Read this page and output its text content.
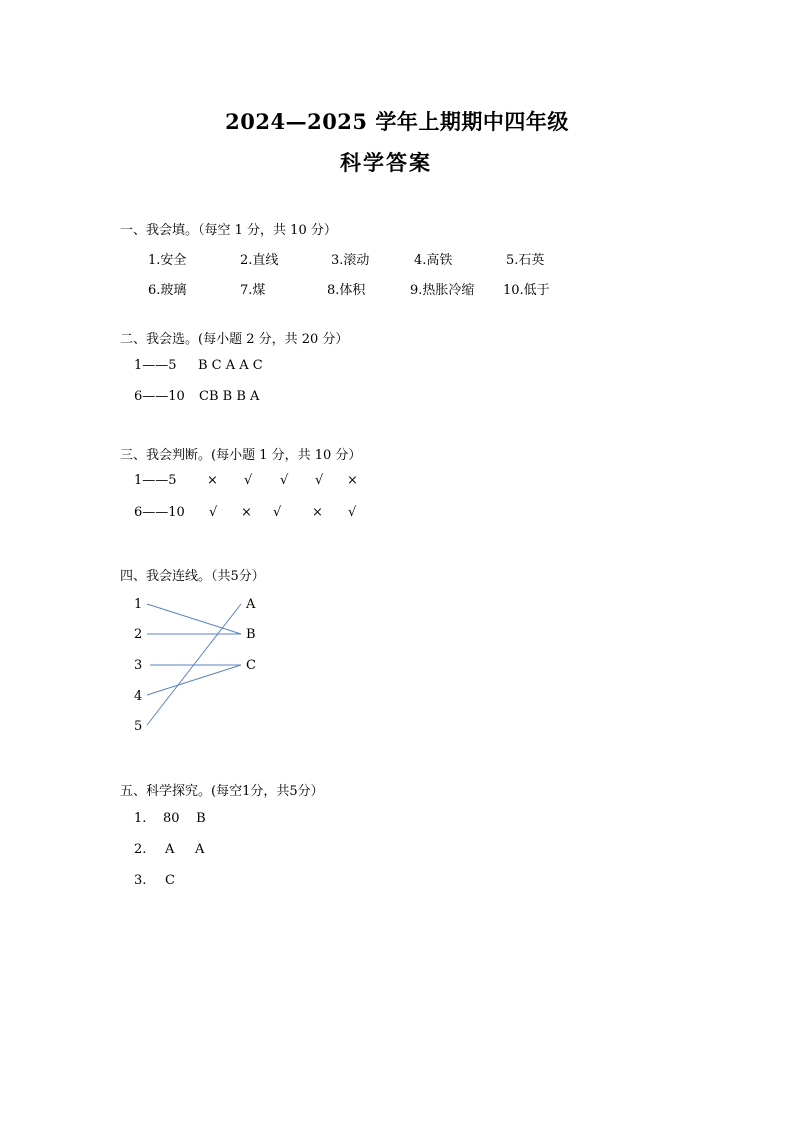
2024—2025 学年上期期中四年级
科学答案
一、我会填。（每空 1 分，共 10 分）
1.安全	2.直线	3.滚动	4.高铁	5.石英
6.玻璃	7.煤	8.体积	9.热胀冷缩 10.低于
二、我会选。(每小题 2 分，共 20 分）
1——5 B C A A C
6——10 CB B B A
三、我会判断。(每小题 1 分，共 10 分）
1——5 × √ √ √ ×
6——10 √ × √ × √
四、我会连线。（共5分）
1
2
3
4
5
A
B
C
五、科学探究。(每空1分，共5分）
1. 80    B
2. A     A
3. C
